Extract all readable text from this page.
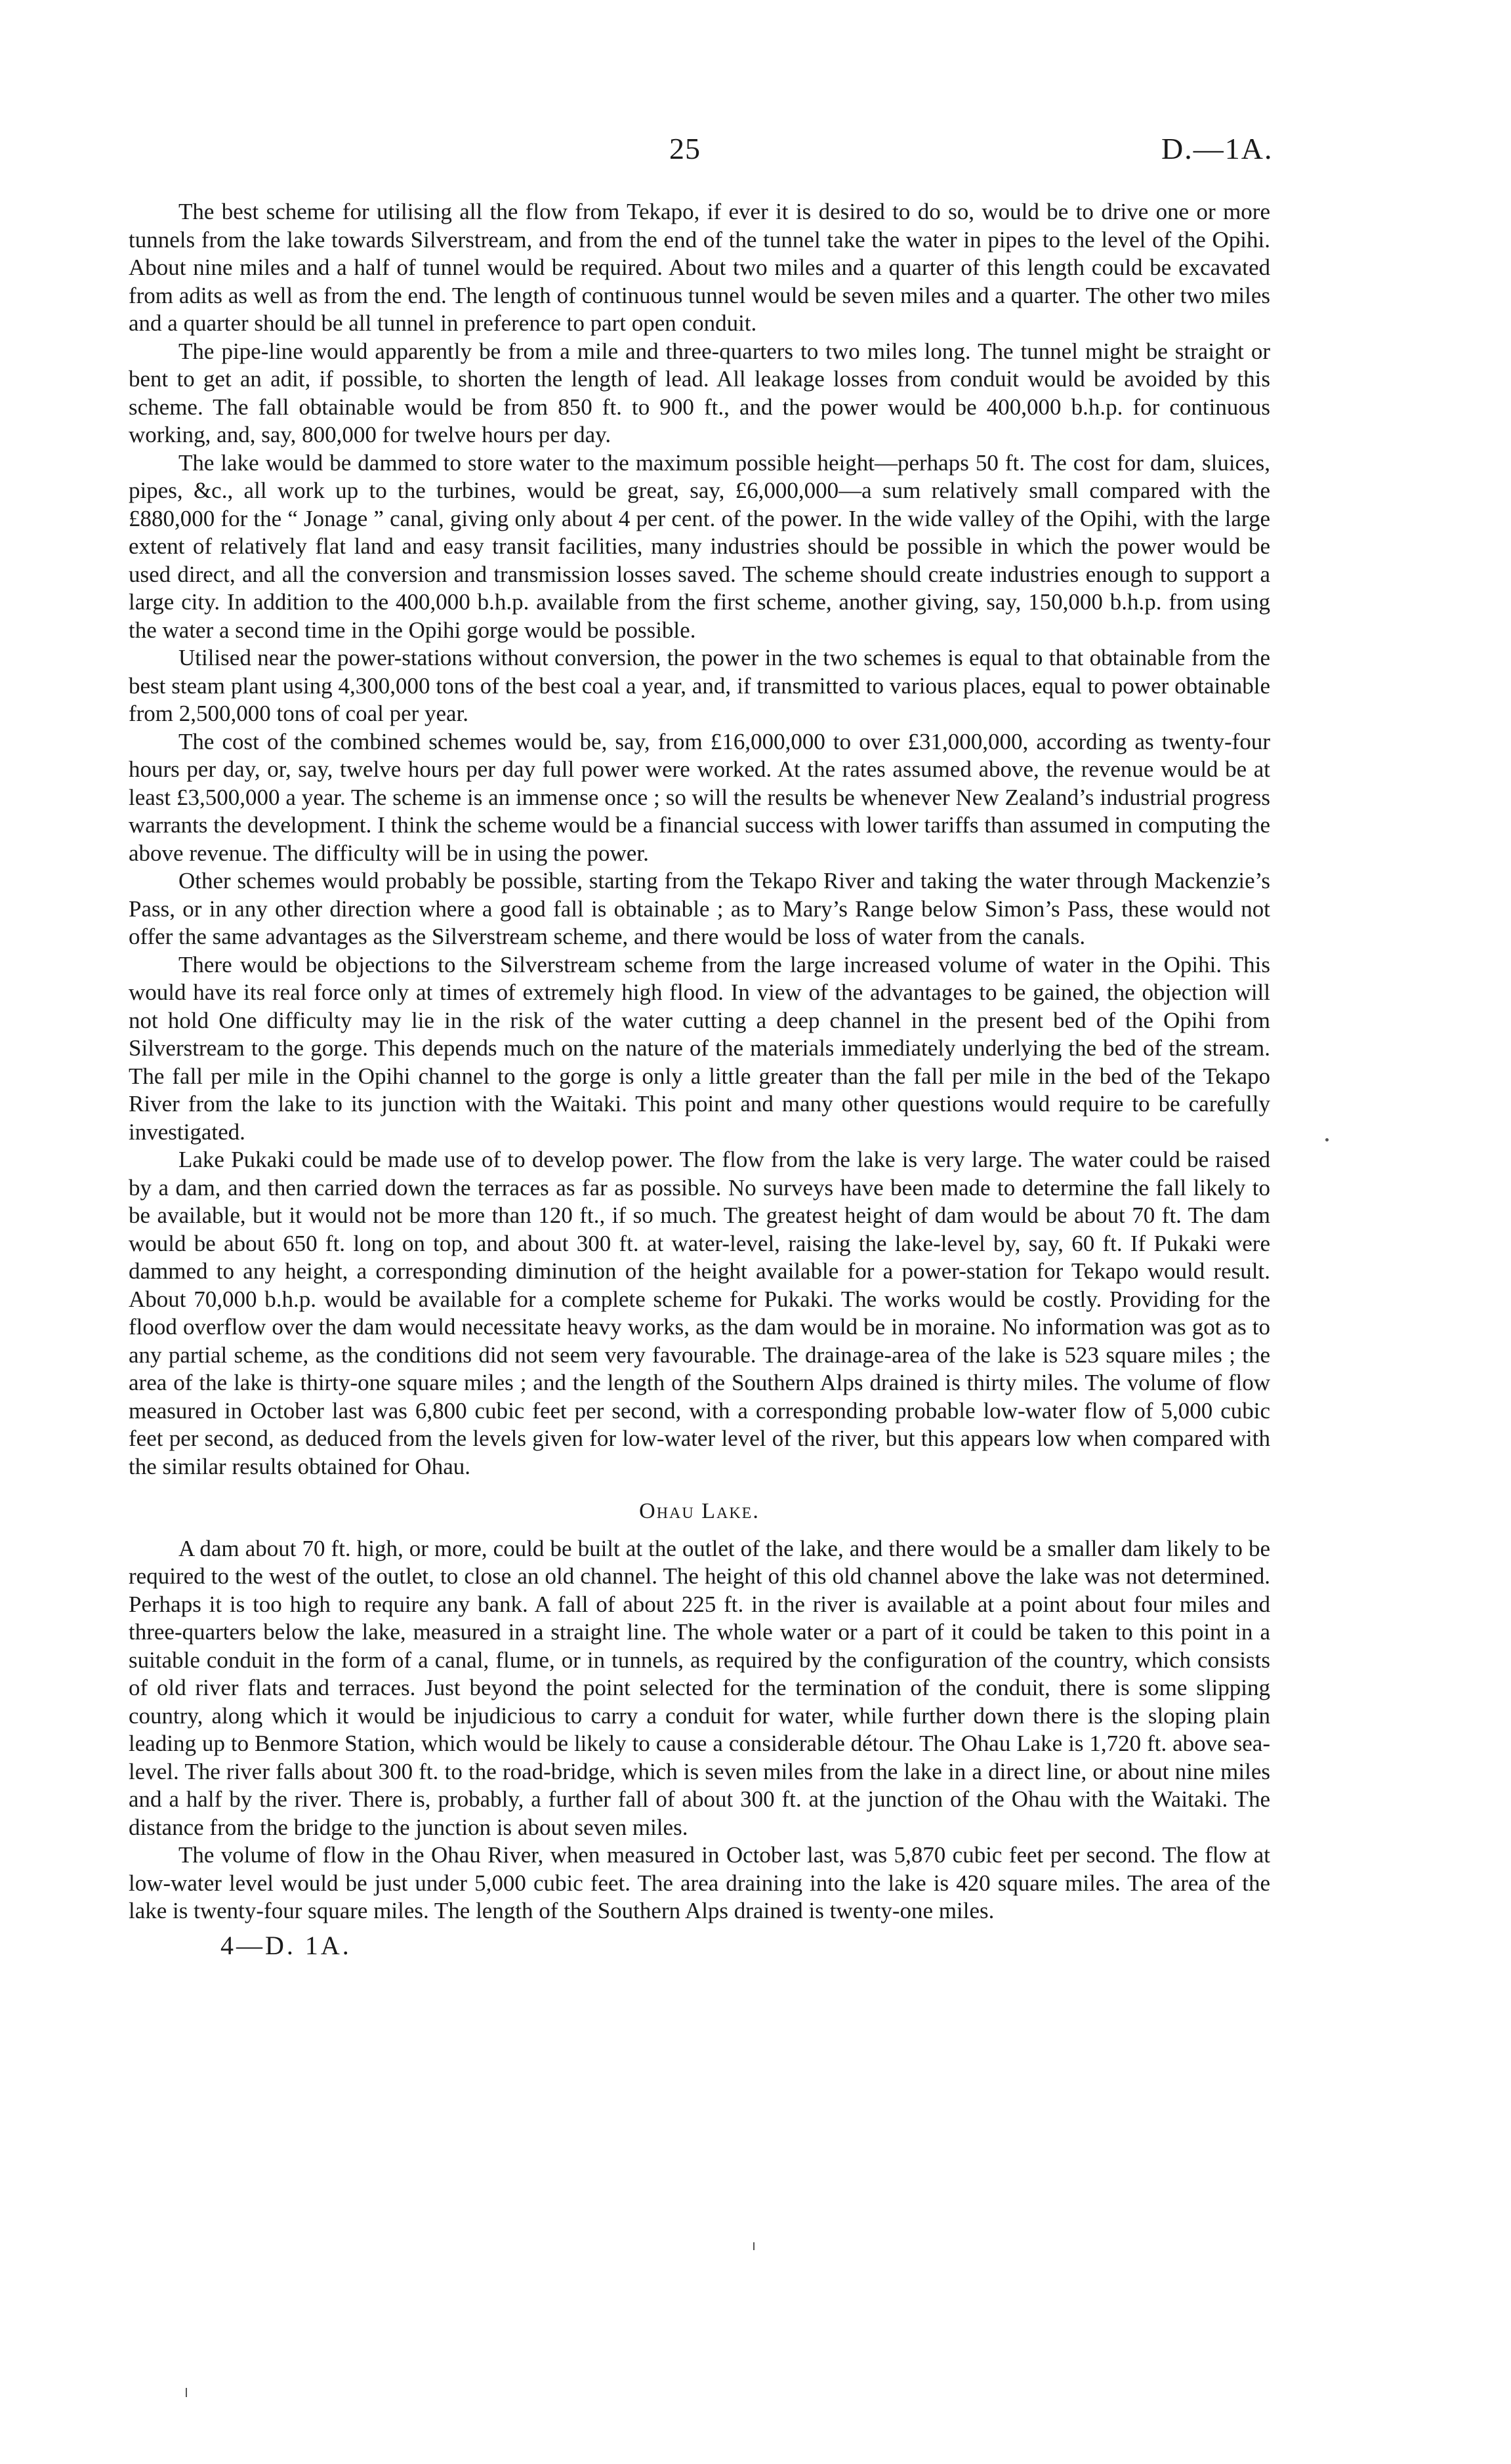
25	D.—1A.

The best scheme for utilising all the flow from Tekapo, if ever it is desired to do so, would be to drive one or more tunnels from the lake towards Silverstream, and from the end of the tunnel take the water in pipes to the level of the Opihi. About nine miles and a half of tunnel would be required. About two miles and a quarter of this length could be excavated from adits as well as from the end. The length of continuous tunnel would be seven miles and a quarter. The other two miles and a quarter should be all tunnel in preference to part open conduit.

The pipe-line would apparently be from a mile and three-quarters to two miles long. The tunnel might be straight or bent to get an adit, if possible, to shorten the length of lead. All leakage losses from conduit would be avoided by this scheme. The fall obtainable would be from 850 ft. to 900 ft., and the power would be 400,000 b.h.p. for continuous working, and, say, 800,000 for twelve hours per day.

The lake would be dammed to store water to the maximum possible height—perhaps 50 ft. The cost for dam, sluices, pipes, &c., all work up to the turbines, would be great, say, £6,000,000—a sum relatively small compared with the £880,000 for the “ Jonage ” canal, giving only about 4 per cent. of the power. In the wide valley of the Opihi, with the large extent of relatively flat land and easy transit facilities, many industries should be possible in which the power would be used direct, and all the conversion and transmission losses saved. The scheme should create industries enough to support a large city. In addition to the 400,000 b.h.p. available from the first scheme, another giving, say, 150,000 b.h.p. from using the water a second time in the Opihi gorge would be possible.

Utilised near the power-stations without conversion, the power in the two schemes is equal to that obtainable from the best steam plant using 4,300,000 tons of the best coal a year, and, if transmitted to various places, equal to power obtainable from 2,500,000 tons of coal per year.

The cost of the combined schemes would be, say, from £16,000,000 to over £31,000,000, according as twenty-four hours per day, or, say, twelve hours per day full power were worked. At the rates assumed above, the revenue would be at least £3,500,000 a year. The scheme is an immense once ; so will the results be whenever New Zealand’s industrial progress warrants the development. I think the scheme would be a financial success with lower tariffs than assumed in computing the above revenue. The difficulty will be in using the power.

Other schemes would probably be possible, starting from the Tekapo River and taking the water through Mackenzie’s Pass, or in any other direction where a good fall is obtainable ; as to Mary’s Range below Simon’s Pass, these would not offer the same advantages as the Silverstream scheme, and there would be loss of water from the canals.

There would be objections to the Silverstream scheme from the large increased volume of water in the Opihi. This would have its real force only at times of extremely high flood. In view of the advantages to be gained, the objection will not hold One difficulty may lie in the risk of the water cutting a deep channel in the present bed of the Opihi from Silverstream to the gorge. This depends much on the nature of the materials immediately underlying the bed of the stream. The fall per mile in the Opihi channel to the gorge is only a little greater than the fall per mile in the bed of the Tekapo River from the lake to its junction with the Waitaki. This point and many other questions would require to be carefully investigated.

Lake Pukaki could be made use of to develop power. The flow from the lake is very large. The water could be raised by a dam, and then carried down the terraces as far as possible. No surveys have been made to determine the fall likely to be available, but it would not be more than 120 ft., if so much. The greatest height of dam would be about 70 ft. The dam would be about 650 ft. long on top, and about 300 ft. at water-level, raising the lake-level by, say, 60 ft. If Pukaki were dammed to any height, a corresponding diminution of the height available for a power-station for Tekapo would result. About 70,000 b.h.p. would be available for a complete scheme for Pukaki. The works would be costly. Providing for the flood overflow over the dam would necessitate heavy works, as the dam would be in moraine. No information was got as to any partial scheme, as the conditions did not seem very favourable. The drainage-area of the lake is 523 square miles ; the area of the lake is thirty-one square miles ; and the length of the Southern Alps drained is thirty miles. The volume of flow measured in October last was 6,800 cubic feet per second, with a corresponding probable low-water flow of 5,000 cubic feet per second, as deduced from the levels given for low-water level of the river, but this appears low when compared with the similar results obtained for Ohau.

Ohau Lake.

A dam about 70 ft. high, or more, could be built at the outlet of the lake, and there would be a smaller dam likely to be required to the west of the outlet, to close an old channel. The height of this old channel above the lake was not determined. Perhaps it is too high to require any bank. A fall of about 225 ft. in the river is available at a point about four miles and three-quarters below the lake, measured in a straight line. The whole water or a part of it could be taken to this point in a suitable conduit in the form of a canal, flume, or in tunnels, as required by the configuration of the country, which consists of old river flats and terraces. Just beyond the point selected for the termination of the conduit, there is some slipping country, along which it would be injudicious to carry a conduit for water, while further down there is the sloping plain leading up to Benmore Station, which would be likely to cause a considerable détour. The Ohau Lake is 1,720 ft. above sea-level. The river falls about 300 ft. to the road-bridge, which is seven miles from the lake in a direct line, or about nine miles and a half by the river. There is, probably, a further fall of about 300 ft. at the junction of the Ohau with the Waitaki. The distance from the bridge to the junction is about seven miles.

The volume of flow in the Ohau River, when measured in October last, was 5,870 cubic feet per second. The flow at low-water level would be just under 5,000 cubic feet. The area draining into the lake is 420 square miles. The area of the lake is twenty-four square miles. The length of the Southern Alps drained is twenty-one miles.

4—D. 1A.
